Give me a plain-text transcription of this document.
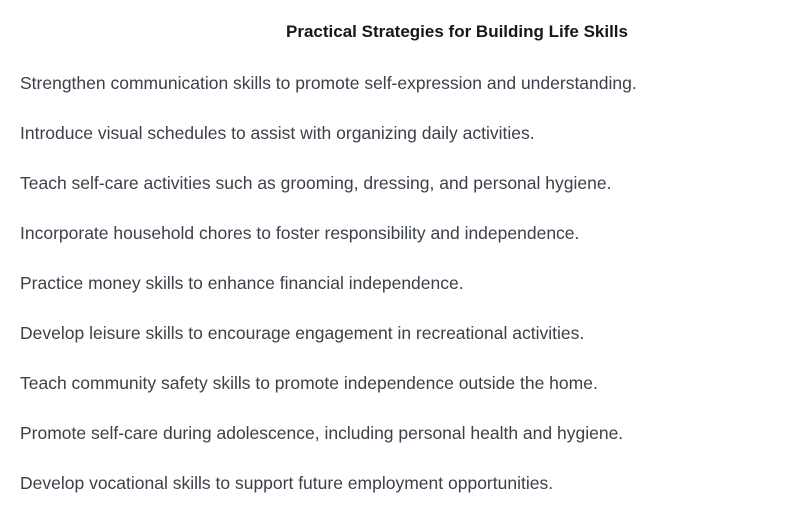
Practical Strategies for Building Life Skills
Strengthen communication skills to promote self-expression and understanding.
Introduce visual schedules to assist with organizing daily activities.
Teach self-care activities such as grooming, dressing, and personal hygiene.
Incorporate household chores to foster responsibility and independence.
Practice money skills to enhance financial independence.
Develop leisure skills to encourage engagement in recreational activities.
Teach community safety skills to promote independence outside the home.
Promote self-care during adolescence, including personal health and hygiene.
Develop vocational skills to support future employment opportunities.
